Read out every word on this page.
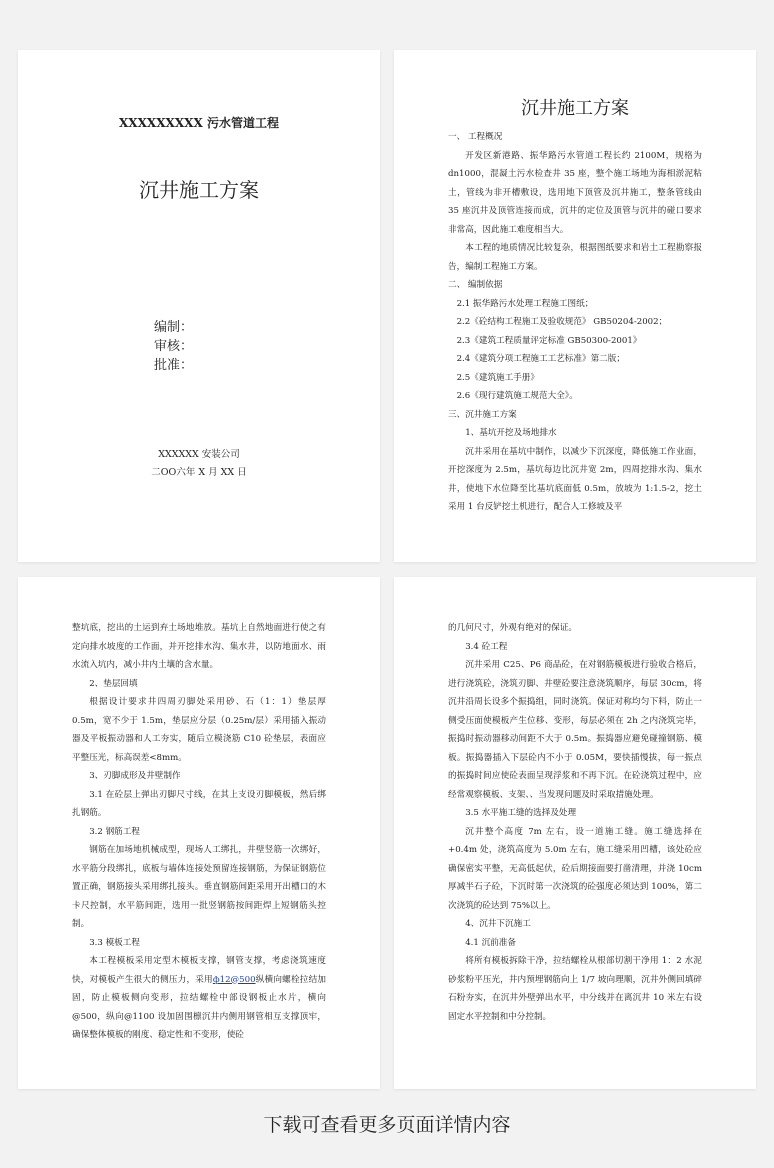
XXXXXXXXX 污水管道工程
沉井施工方案
编制：
审核：
批准：
XXXXXX 安装公司
二OO六年 X 月 XX 日
沉井施工方案

一、 工程概况

开发区新港路、振华路污水管道工程长约 2100M，规格为 dn1000，混凝土污水检查井 35 座，整个施工场地为海相淤泥粘土，管线为非开槽敷设，选用地下顶管及沉井施工，整条管线由 35 座沉井及顶管连接而成，沉井的定位及顶管与沉井的碰口要求非常高，因此施工难度相当大。

本工程的地质情况比较复杂，根据图纸要求和岩土工程勘察报告，编制工程施工方案。

二、 编制依据

2.1 振华路污水处理工程施工图纸；

2.2《砼结构工程施工及验收规范》 GB50204-2002；

2.3《建筑工程质量评定标准 GB50300-2001》

2.4《建筑分项工程施工工艺标准》第二版；

2.5《建筑施工手册》

2.6《现行建筑施工规范大全》。

三、沉井施工方案

1、基坑开挖及场地排水

沉井采用在基坑中制作，以减少下沉深度，降低施工作业面，开挖深度为 2.5m，基坑每边比沉井宽 2m，四周挖排水沟、集水井，使地下水位降至比基坑底面低 0.5m，放坡为 1:1.5-2，挖土采用 1 台反铲挖土机进行，配合人工修坡及平

整坑底，挖出的土运到弃土场地堆放。基坑上自然地面进行使之有定向排水坡度的工作面，并开挖排水沟、集水井，以防地面水、雨水流入坑内，减小井内土壤的含水量。

2、垫层回填

根据设计要求井四周刃脚处采用砂、石（1：1）垫层厚 0.5m，宽不少于 1.5m，垫层应分层（0.25m/层）采用插入振动器及平板振动器和人工夯实，随后立模浇筋 C10 砼垫层，表面应平整压光，标高误差<8mm。

3、刃脚成形及井壁制作

3.1 在砼层上弹出刃脚尺寸线，在其上支设刃脚模板，然后绑扎钢筋。

3.2 钢筋工程

钢筋在加场地机械成型，现场人工绑扎，井壁竖筋一次绑好，水平筋分段绑扎，底板与墙体连接处预留连接钢筋，为保证钢筋位置正确，钢筋接头采用绑扎接头。垂直钢筋间距采用开出槽口的木卡尺控制，水平筋间距，选用一批竖钢筋按间距焊上短钢筋头控制。

3.3 模板工程

本工程模板采用定型木模板支撑，钢管支撑，考虑浇筑速度快，对模板产生很大的侧压力，采用ф12@500纵横向螺栓拉结加固，防止模板侧向变形，拉结螺栓中部设钢板止水片，横向@500，纵向@1100 设加固围檩沉井内侧用钢管相互支撑顶牢，确保整体模板的刚度、稳定性和不变形，使砼

的几何尺寸，外观有绝对的保证。

3.4 砼工程

沉井采用 C25、P6 商品砼，在对钢筋模板进行验收合格后，进行浇筑砼，浇筑刃脚、井壁砼要注意浇筑顺序，每层 30cm，将沉井沿周长设多个振捣组，同时浇筑。保证对称均匀下料，防止一侧受压面使模板产生位移、变形，每层必须在 2h 之内浇筑完毕，振捣时振动器移动间距不大于 0.5m。振捣器应避免碰撞钢筋、模板。振捣器插入下层砼内不小于 0.05M，要快插慢拔，每一振点的振捣时间应使砼表面呈现浮浆和不再下沉。在砼浇筑过程中，应经常观察模板、支架、、当发现问题及时采取措施处理。

3.5 水平施工缝的选择及处理

沉井整个高度 7m 左右，设一道施工缝。施工缝选择在+0.4m 处，浇筑高度为 5.0m 左右，施工缝采用凹槽，该处砼应确保密实平整，无高低起伏，砼后期接面要打凿清理，并浇 10cm 厚减半石子砼，下沉时第一次浇筑的砼强度必须达到 100%，第二次浇筑的砼达到 75%以上。

4、沉井下沉施工

4.1 沉前准备

将所有模板拆除干净，拉结螺栓从根部切割干净用 1：2 水泥砂浆粉平压光，井内预埋钢筋向上 1/7 坡向理顺，沉井外侧回填碎石粉夯实，在沉井外壁弹出水平，中分线并在离沉井 10 米左右设固定水平控制和中分控制。

下载可查看更多页面详情内容
